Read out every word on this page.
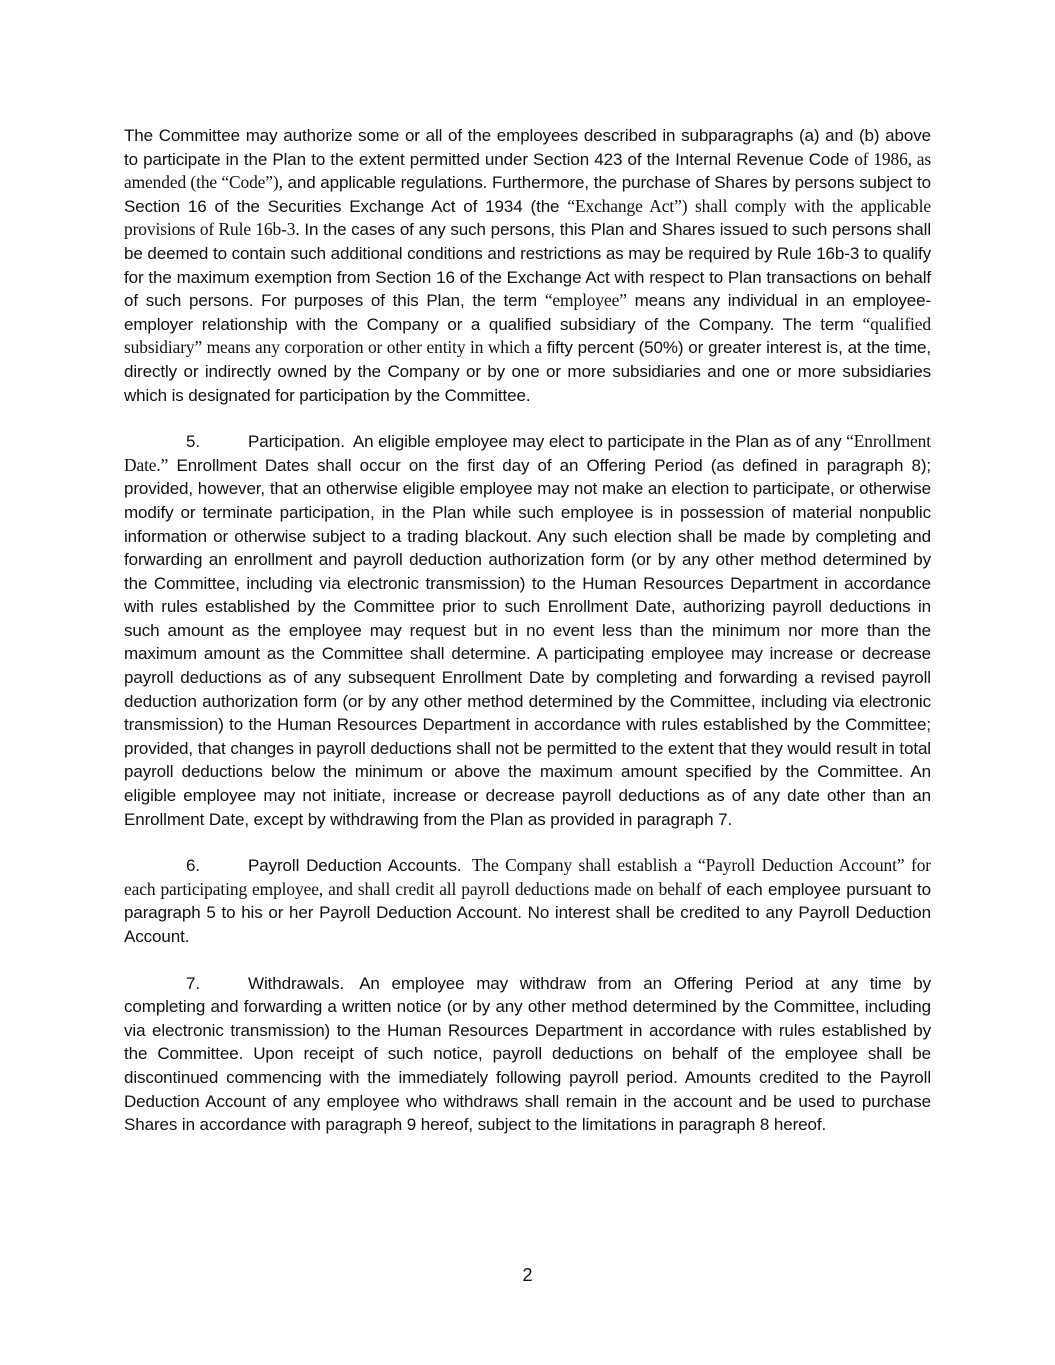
The Committee may authorize some or all of the employees described in subparagraphs (a) and (b) above to participate in the Plan to the extent permitted under Section 423 of the Internal Revenue Code of 1986, as amended (the “Code”), and applicable regulations. Furthermore, the purchase of Shares by persons subject to Section 16 of the Securities Exchange Act of 1934 (the “Exchange Act”) shall comply with the applicable provisions of Rule 16b-3. In the cases of any such persons, this Plan and Shares issued to such persons shall be deemed to contain such additional conditions and restrictions as may be required by Rule 16b-3 to qualify for the maximum exemption from Section 16 of the Exchange Act with respect to Plan transactions on behalf of such persons. For purposes of this Plan, the term “employee” means any individual in an employee-employer relationship with the Company or a qualified subsidiary of the Company. The term “qualified subsidiary” means any corporation or other entity in which a fifty percent (50%) or greater interest is, at the time, directly or indirectly owned by the Company or by one or more subsidiaries and one or more subsidiaries which is designated for participation by the Committee.

5.	Participation. An eligible employee may elect to participate in the Plan as of any “Enrollment Date.” Enrollment Dates shall occur on the first day of an Offering Period (as defined in paragraph 8); provided, however, that an otherwise eligible employee may not make an election to participate, or otherwise modify or terminate participation, in the Plan while such employee is in possession of material nonpublic information or otherwise subject to a trading blackout. Any such election shall be made by completing and forwarding an enrollment and payroll deduction authorization form (or by any other method determined by the Committee, including via electronic transmission) to the Human Resources Department in accordance with rules established by the Committee prior to such Enrollment Date, authorizing payroll deductions in such amount as the employee may request but in no event less than the minimum nor more than the maximum amount as the Committee shall determine. A participating employee may increase or decrease payroll deductions as of any subsequent Enrollment Date by completing and forwarding a revised payroll deduction authorization form (or by any other method determined by the Committee, including via electronic transmission) to the Human Resources Department in accordance with rules established by the Committee; provided, that changes in payroll deductions shall not be permitted to the extent that they would result in total payroll deductions below the minimum or above the maximum amount specified by the Committee. An eligible employee may not initiate, increase or decrease payroll deductions as of any date other than an Enrollment Date, except by withdrawing from the Plan as provided in paragraph 7.

6.	Payroll Deduction Accounts. The Company shall establish a “Payroll Deduction Account” for each participating employee, and shall credit all payroll deductions made on behalf of each employee pursuant to paragraph 5 to his or her Payroll Deduction Account. No interest shall be credited to any Payroll Deduction Account.

7.	Withdrawals. An employee may withdraw from an Offering Period at any time by completing and forwarding a written notice (or by any other method determined by the Committee, including via electronic transmission) to the Human Resources Department in accordance with rules established by the Committee. Upon receipt of such notice, payroll deductions on behalf of the employee shall be discontinued commencing with the immediately following payroll period. Amounts credited to the Payroll Deduction Account of any employee who withdraws shall remain in the account and be used to purchase Shares in accordance with paragraph 9 hereof, subject to the limitations in paragraph 8 hereof.

2
